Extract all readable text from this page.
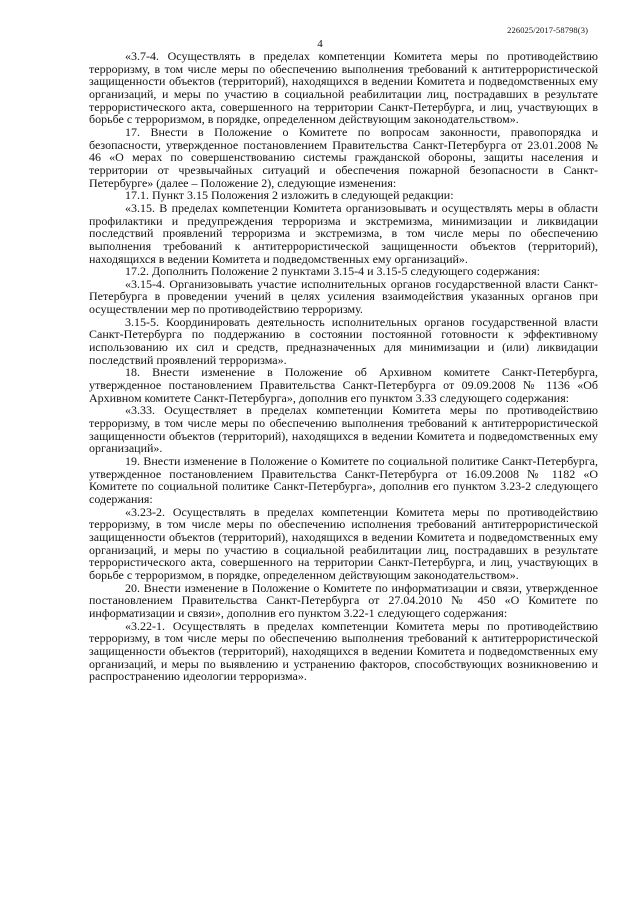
226025/2017-58798(3)
4

«3.7-4. Осуществлять в пределах компетенции Комитета меры по противодействию терроризму, в том числе меры по обеспечению выполнения требований к антитеррористической защищенности объектов (территорий), находящихся в ведении Комитета и подведомственных ему организаций, и меры по участию в социальной реабилитации лиц, пострадавших в результате террористического акта, совершенного на территории Санкт-Петербурга, и лиц, участвующих в борьбе с терроризмом, в порядке, определенном действующим законодательством».

17. Внести в Положение о Комитете по вопросам законности, правопорядка и безопасности, утвержденное постановлением Правительства Санкт-Петербурга от 23.01.2008 № 46 «О мерах по совершенствованию системы гражданской обороны, защиты населения и территории от чрезвычайных ситуаций и обеспечения пожарной безопасности в Санкт-Петербурге» (далее – Положение 2), следующие изменения:

17.1. Пункт 3.15 Положения 2 изложить в следующей редакции:

«3.15. В пределах компетенции Комитета организовывать и осуществлять меры в области профилактики и предупреждения терроризма и экстремизма, минимизации и ликвидации последствий проявлений терроризма и экстремизма, в том числе меры по обеспечению выполнения требований к антитеррористической защищенности объектов (территорий), находящихся в ведении Комитета и подведомственных ему организаций».

17.2. Дополнить Положение 2 пунктами 3.15-4 и 3.15-5 следующего содержания:

«3.15-4. Организовывать участие исполнительных органов государственной власти Санкт-Петербурга в проведении учений в целях усиления взаимодействия указанных органов при осуществлении мер по противодействию терроризму.

3.15-5. Координировать деятельность исполнительных органов государственной власти Санкт-Петербурга по поддержанию в состоянии постоянной готовности к эффективному использованию их сил и средств, предназначенных для минимизации и (или) ликвидации последствий проявлений терроризма».

18. Внести изменение в Положение об Архивном комитете Санкт-Петербурга, утвержденное постановлением Правительства Санкт-Петербурга от 09.09.2008 № 1136 «Об Архивном комитете Санкт-Петербурга», дополнив его пунктом 3.33 следующего содержания:

«3.33. Осуществляет в пределах компетенции Комитета меры по противодействию терроризму, в том числе меры по обеспечению выполнения требований к антитеррористической защищенности объектов (территорий), находящихся в ведении Комитета и подведомственных ему организаций».

19. Внести изменение в Положение о Комитете по социальной политике Санкт-Петербурга, утвержденное постановлением Правительства Санкт-Петербурга от 16.09.2008 № 1182 «О Комитете по социальной политике Санкт-Петербурга», дополнив его пунктом 3.23-2 следующего содержания:

«3.23-2. Осуществлять в пределах компетенции Комитета меры по противодействию терроризму, в том числе меры по обеспечению исполнения требований антитеррористической защищенности объектов (территорий), находящихся в ведении Комитета и подведомственных ему организаций, и меры по участию в социальной реабилитации лиц, пострадавших в результате террористического акта, совершенного на территории Санкт-Петербурга, и лиц, участвующих в борьбе с терроризмом, в порядке, определенном действующим законодательством».

20. Внести изменение в Положение о Комитете по информатизации и связи, утвержденное постановлением Правительства Санкт-Петербурга от 27.04.2010 № 450 «О Комитете по информатизации и связи», дополнив его пунктом 3.22-1 следующего содержания:

«3.22-1. Осуществлять в пределах компетенции Комитета меры по противодействию терроризму, в том числе меры по обеспечению выполнения требований к антитеррористической защищенности объектов (территорий), находящихся в ведении Комитета и подведомственных ему организаций, и меры по выявлению и устранению факторов, способствующих возникновению и распространению идеологии терроризма».
